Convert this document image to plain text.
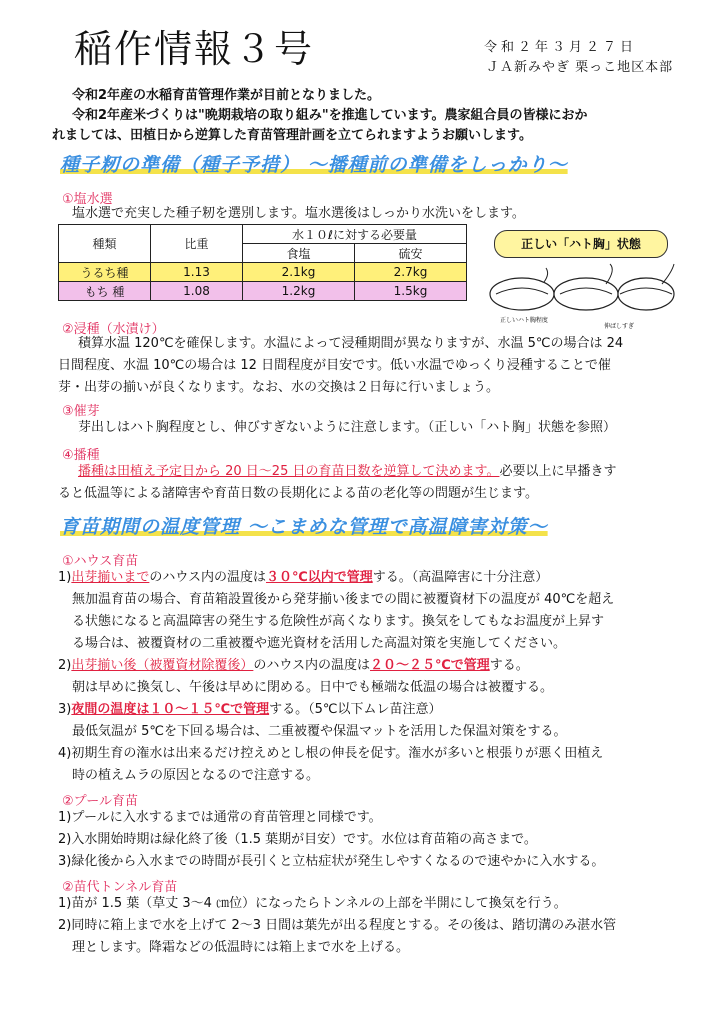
稲作情報３号	令和２年３月２７日
ＪＡ新みやぎ 栗っこ地区本部
令和2年産の水稲育苗管理作業が目前となりました。
令和2年産米づくりは"晩期栽培の取り組み"を推進しています。農家組合員の皆様におか
れましては、田植日から逆算した育苗管理計画を立てられますようお願いします。
種子籾の準備（種子予措） ～播種前の準備をしっかり～
①塩水選
塩水選で充実した種子籾を選別します。塩水選後はしっかり水洗いをします。
種類	比重	水１０ℓに対する必要量	
		食塩	硫安
うるち種	1.13	2.1kg	2.7kg
もち 種	1.08	1.2kg	1.5kg
正しい「ハト胸」状態
正しいハト胸程度
伸ばしすぎ
②浸種（水漬け）
積算水温 120℃を確保します。水温によって浸種期間が異なりますが、水温 5℃の場合は 24
日間程度、水温 10℃の場合は 12 日間程度が目安です。低い水温でゆっくり浸種することで催
芽・出芽の揃いが良くなります。なお、水の交換は２日毎に行いましょう。
③催芽
芽出しはハト胸程度とし、伸びすぎないように注意します。（正しい「ハト胸」状態を参照）
④播種
播種は田植え予定日から 20 日～25 日の育苗日数を逆算して決めます。必要以上に早播きす
ると低温等による諸障害や育苗日数の長期化による苗の老化等の問題が生じます。
育苗期間の温度管理 ～こまめな管理で高温障害対策～
①ハウス育苗
1)出芽揃いまでのハウス内の温度は３０℃以内で管理する。（高温障害に十分注意）
無加温育苗の場合、育苗箱設置後から発芽揃い後までの間に被覆資材下の温度が 40℃を超え
る状態になると高温障害の発生する危険性が高くなります。換気をしてもなお温度が上昇す
る場合は、被覆資材の二重被覆や遮光資材を活用した高温対策を実施してください。
2)出芽揃い後（被覆資材除覆後）のハウス内の温度は２０～２５℃で管理する。
朝は早めに換気し、午後は早めに閉める。日中でも極端な低温の場合は被覆する。
3)夜間の温度は１０～１５℃で管理する。（5℃以下ムレ苗注意）
最低気温が 5℃を下回る場合は、二重被覆や保温マットを活用した保温対策をする。
4)初期生育の潅水は出来るだけ控えめとし根の伸長を促す。潅水が多いと根張りが悪く田植え
時の植えムラの原因となるので注意する。
②プール育苗
1)プールに入水するまでは通常の育苗管理と同様です。
2)入水開始時期は緑化終了後（1.5 葉期が目安）です。水位は育苗箱の高さまで。
3)緑化後から入水までの時間が長引くと立枯症状が発生しやすくなるので速やかに入水する。
②苗代トンネル育苗
1)苗が 1.5 葉（草丈 3～4 ㎝位）になったらトンネルの上部を半開にして換気を行う。
2)同時に箱上まで水を上げて 2～3 日間は葉先が出る程度とする。その後は、踏切溝のみ湛水管
理とします。降霜などの低温時には箱上まで水を上げる。
